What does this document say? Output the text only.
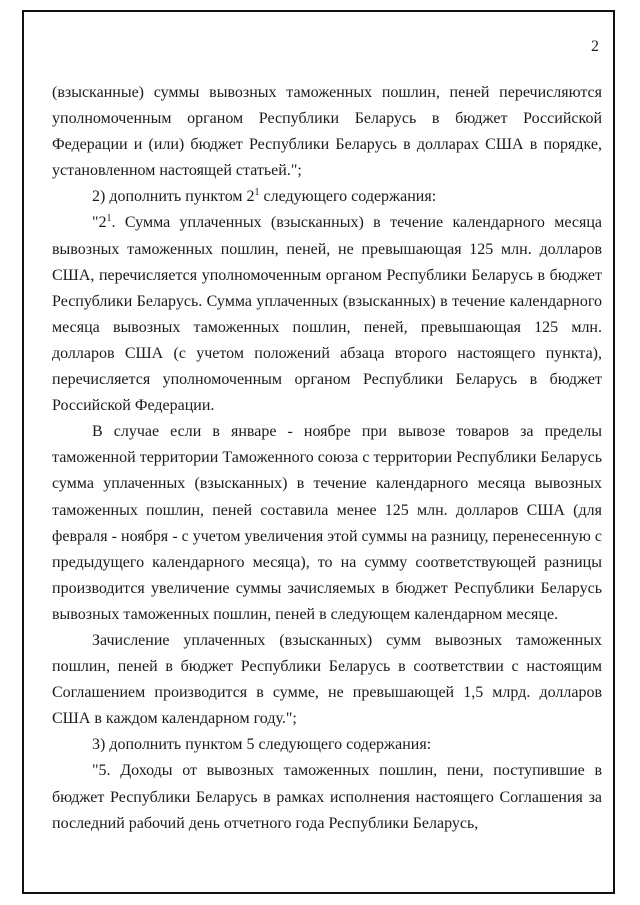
2

(взысканные) суммы вывозных таможенных пошлин, пеней перечисляются уполномоченным органом Республики Беларусь в бюджет Российской Федерации и (или) бюджет Республики Беларусь в долларах США в порядке, установленном настоящей статьей.";

2) дополнить пунктом $2^1$ следующего содержания:

"$2^1$. Сумма уплаченных (взысканных) в течение календарного месяца вывозных таможенных пошлин, пеней, не превышающая 125 млн. долларов США, перечисляется уполномоченным органом Республики Беларусь в бюджет Республики Беларусь. Сумма уплаченных (взысканных) в течение календарного месяца вывозных таможенных пошлин, пеней, превышающая 125 млн. долларов США (с учетом положений абзаца второго настоящего пункта), перечисляется уполномоченным органом Республики Беларусь в бюджет Российской Федерации.

В случае если в январе - ноябре при вывозе товаров за пределы таможенной территории Таможенного союза с территории Республики Беларусь сумма уплаченных (взысканных) в течение календарного месяца вывозных таможенных пошлин, пеней составила менее 125 млн. долларов США (для февраля - ноября - с учетом увеличения этой суммы на разницу, перенесенную с предыдущего календарного месяца), то на сумму соответствующей разницы производится увеличение суммы зачисляемых в бюджет Республики Беларусь вывозных таможенных пошлин, пеней в следующем календарном месяце.

Зачисление уплаченных (взысканных) сумм вывозных таможенных пошлин, пеней в бюджет Республики Беларусь в соответствии с настоящим Соглашением производится в сумме, не превышающей 1,5 млрд. долларов США в каждом календарном году.";

3) дополнить пунктом 5 следующего содержания:

"5. Доходы от вывозных таможенных пошлин, пени, поступившие в бюджет Республики Беларусь в рамках исполнения настоящего Соглашения за последний рабочий день отчетного года Республики Беларусь,
